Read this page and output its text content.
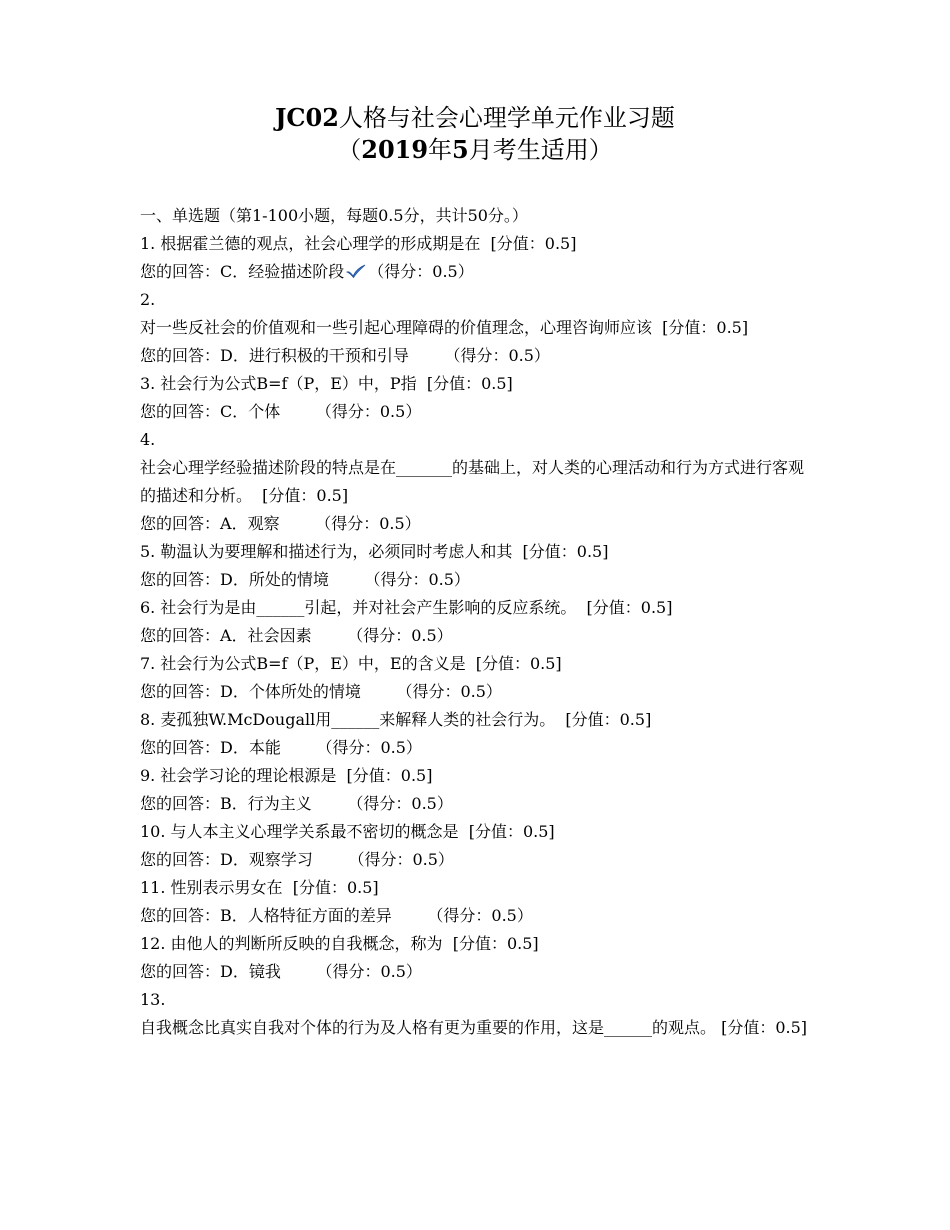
JC02人格与社会心理学单元作业习题
（2019年5月考生适用）
一、单选题（第1-100小题，每题0.5分，共计50分。）
1. 根据霍兰德的观点，社会心理学的形成期是在  [分值：0.5]
您的回答：C．经验描述阶段 （得分：0.5）
2.
对一些反社会的价值观和一些引起心理障碍的价值理念，心理咨询师应该  [分值：0.5]
您的回答：D．进行积极的干预和引导 （得分：0.5）
3. 社会行为公式B=f（P，E）中，P指  [分值：0.5]
您的回答：C．个体 （得分：0.5）
4.
社会心理学经验描述阶段的特点是在_______的基础上，对人类的心理活动和行为方式进行客观的描述和分析。  [分值：0.5]
您的回答：A．观察 （得分：0.5）
5. 勒温认为要理解和描述行为，必须同时考虑人和其  [分值：0.5]
您的回答：D．所处的情境 （得分：0.5）
6. 社会行为是由______引起，并对社会产生影响的反应系统。  [分值：0.5]
您的回答：A．社会因素 （得分：0.5）
7. 社会行为公式B=f（P，E）中，E的含义是  [分值：0.5]
您的回答：D．个体所处的情境 （得分：0.5）
8. 麦孤独W.McDougall用______来解释人类的社会行为。  [分值：0.5]
您的回答：D．本能 （得分：0.5）
9. 社会学习论的理论根源是  [分值：0.5]
您的回答：B．行为主义 （得分：0.5）
10. 与人本主义心理学关系最不密切的概念是  [分值：0.5]
您的回答：D．观察学习 （得分：0.5）
11. 性别表示男女在  [分值：0.5]
您的回答：B．人格特征方面的差异 （得分：0.5）
12. 由他人的判断所反映的自我概念，称为  [分值：0.5]
您的回答：D．镜我 （得分：0.5）
13.
自我概念比真实自我对个体的行为及人格有更为重要的作用，这是______的观点。 [分值：0.5]
